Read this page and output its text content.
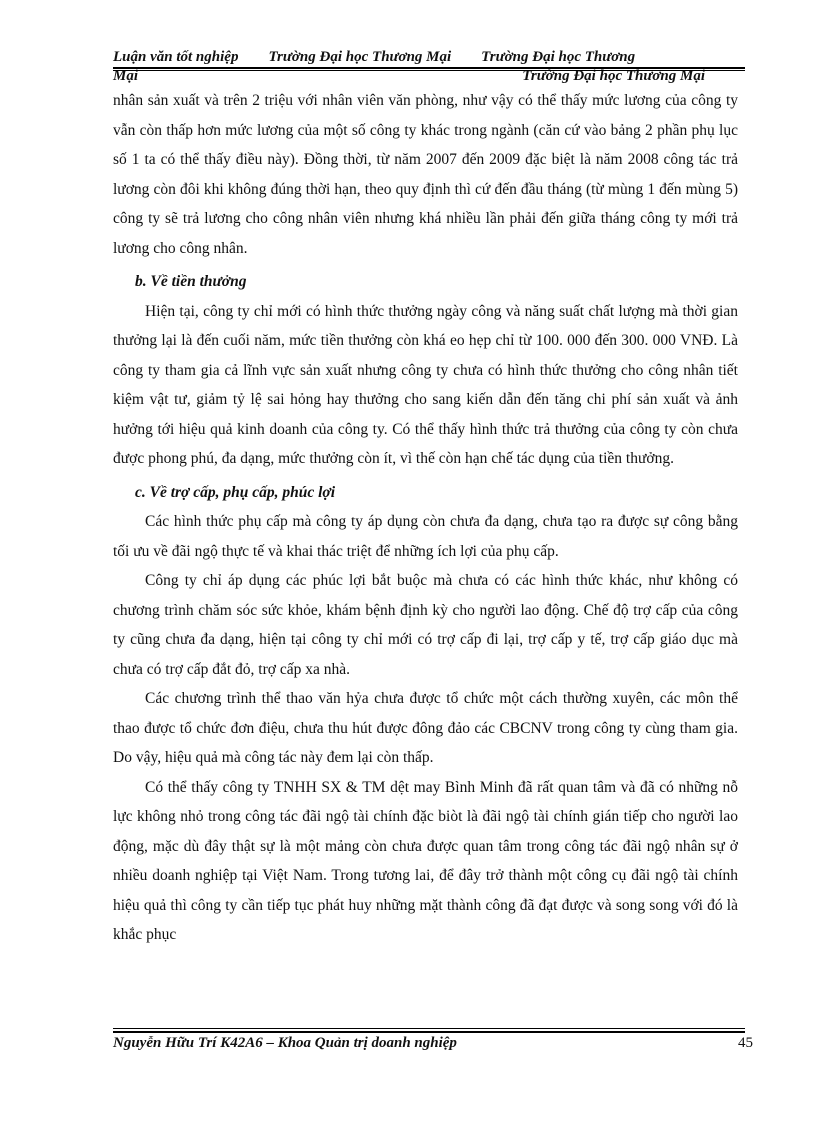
Luận văn tốt nghiệp Trường Đại học Thương Mại Trường Đại học Thương
Mại	Trường Đại học Thương Mại

nhân sản xuất và trên 2 triệu với nhân viên văn phòng, như vậy có thể thấy mức lương của công ty vẫn còn thấp hơn mức lương của một số công ty khác trong ngành (căn cứ vào bảng 2 phần phụ lục số 1 ta có thể thấy điều này). Đồng thời, từ năm 2007 đến 2009 đặc biệt là năm 2008 công tác trả lương còn đôi khi không đúng thời hạn, theo quy định thì cứ đến đầu tháng (từ mùng 1 đến mùng 5) công ty sẽ trả lương cho công nhân viên nhưng khá nhiều lần phải đến giữa tháng công ty mới trả lương cho công nhân.

b. Về tiền thưởng

Hiện tại, công ty chỉ mới có hình thức thưởng ngày công và năng suất chất lượng mà thời gian thưởng lại là đến cuối năm, mức tiền thưởng còn khá eo hẹp chỉ từ 100. 000 đến 300. 000 VNĐ. Là công ty tham gia cả lĩnh vực sản xuất nhưng công ty chưa có hình thức thưởng cho công nhân tiết kiệm vật tư, giảm tỷ lệ sai hỏng hay thưởng cho sang kiến dẫn đến tăng chi phí sản xuất và ảnh hưởng tới hiệu quả kinh doanh của công ty. Có thể thấy hình thức trả thưởng của công ty còn chưa được phong phú, đa dạng, mức thưởng còn ít, vì thế còn hạn chế tác dụng của tiền thưởng.

c. Về trợ cấp, phụ cấp, phúc lợi

Các hình thức phụ cấp mà công ty áp dụng còn chưa đa dạng, chưa tạo ra được sự công bằng tối ưu về đãi ngộ thực tế và khai thác triệt để những ích lợi của phụ cấp.

Công ty chỉ áp dụng các phúc lợi bắt buộc mà chưa có các hình thức khác, như không có chương trình chăm sóc sức khỏe, khám bệnh định kỳ cho người lao động. Chế độ trợ cấp của công ty cũng chưa đa dạng, hiện tại công ty chỉ mới có trợ cấp đi lại, trợ cấp y tế, trợ cấp giáo dục mà chưa có trợ cấp đắt đỏ, trợ cấp xa nhà.

Các chương trình thể thao văn hỷa chưa được tổ chức một cách thường xuyên, các môn thể thao được tổ chức đơn điệu, chưa thu hút được đông đảo các CBCNV trong công ty cùng tham gia. Do vậy, hiệu quả mà công tác này đem lại còn thấp.

Có thể thấy công ty TNHH SX & TM dệt may Bình Minh đã rất quan tâm và đã có những nỗ lực không nhỏ trong công tác đãi ngộ tài chính đặc biòt là đãi ngộ tài chính gián tiếp cho người lao động, mặc dù đây thật sự là một mảng còn chưa được quan tâm trong công tác đãi ngộ nhân sự ở nhiều doanh nghiệp tại Việt Nam. Trong tương lai, để đây trở thành một công cụ đãi ngộ tài chính hiệu quả thì công ty cần tiếp tục phát huy những mặt thành công đã đạt được và song song với đó là khắc phục

Nguyễn Hữu Trí K42A6 – Khoa Quản trị doanh nghiệp	45
